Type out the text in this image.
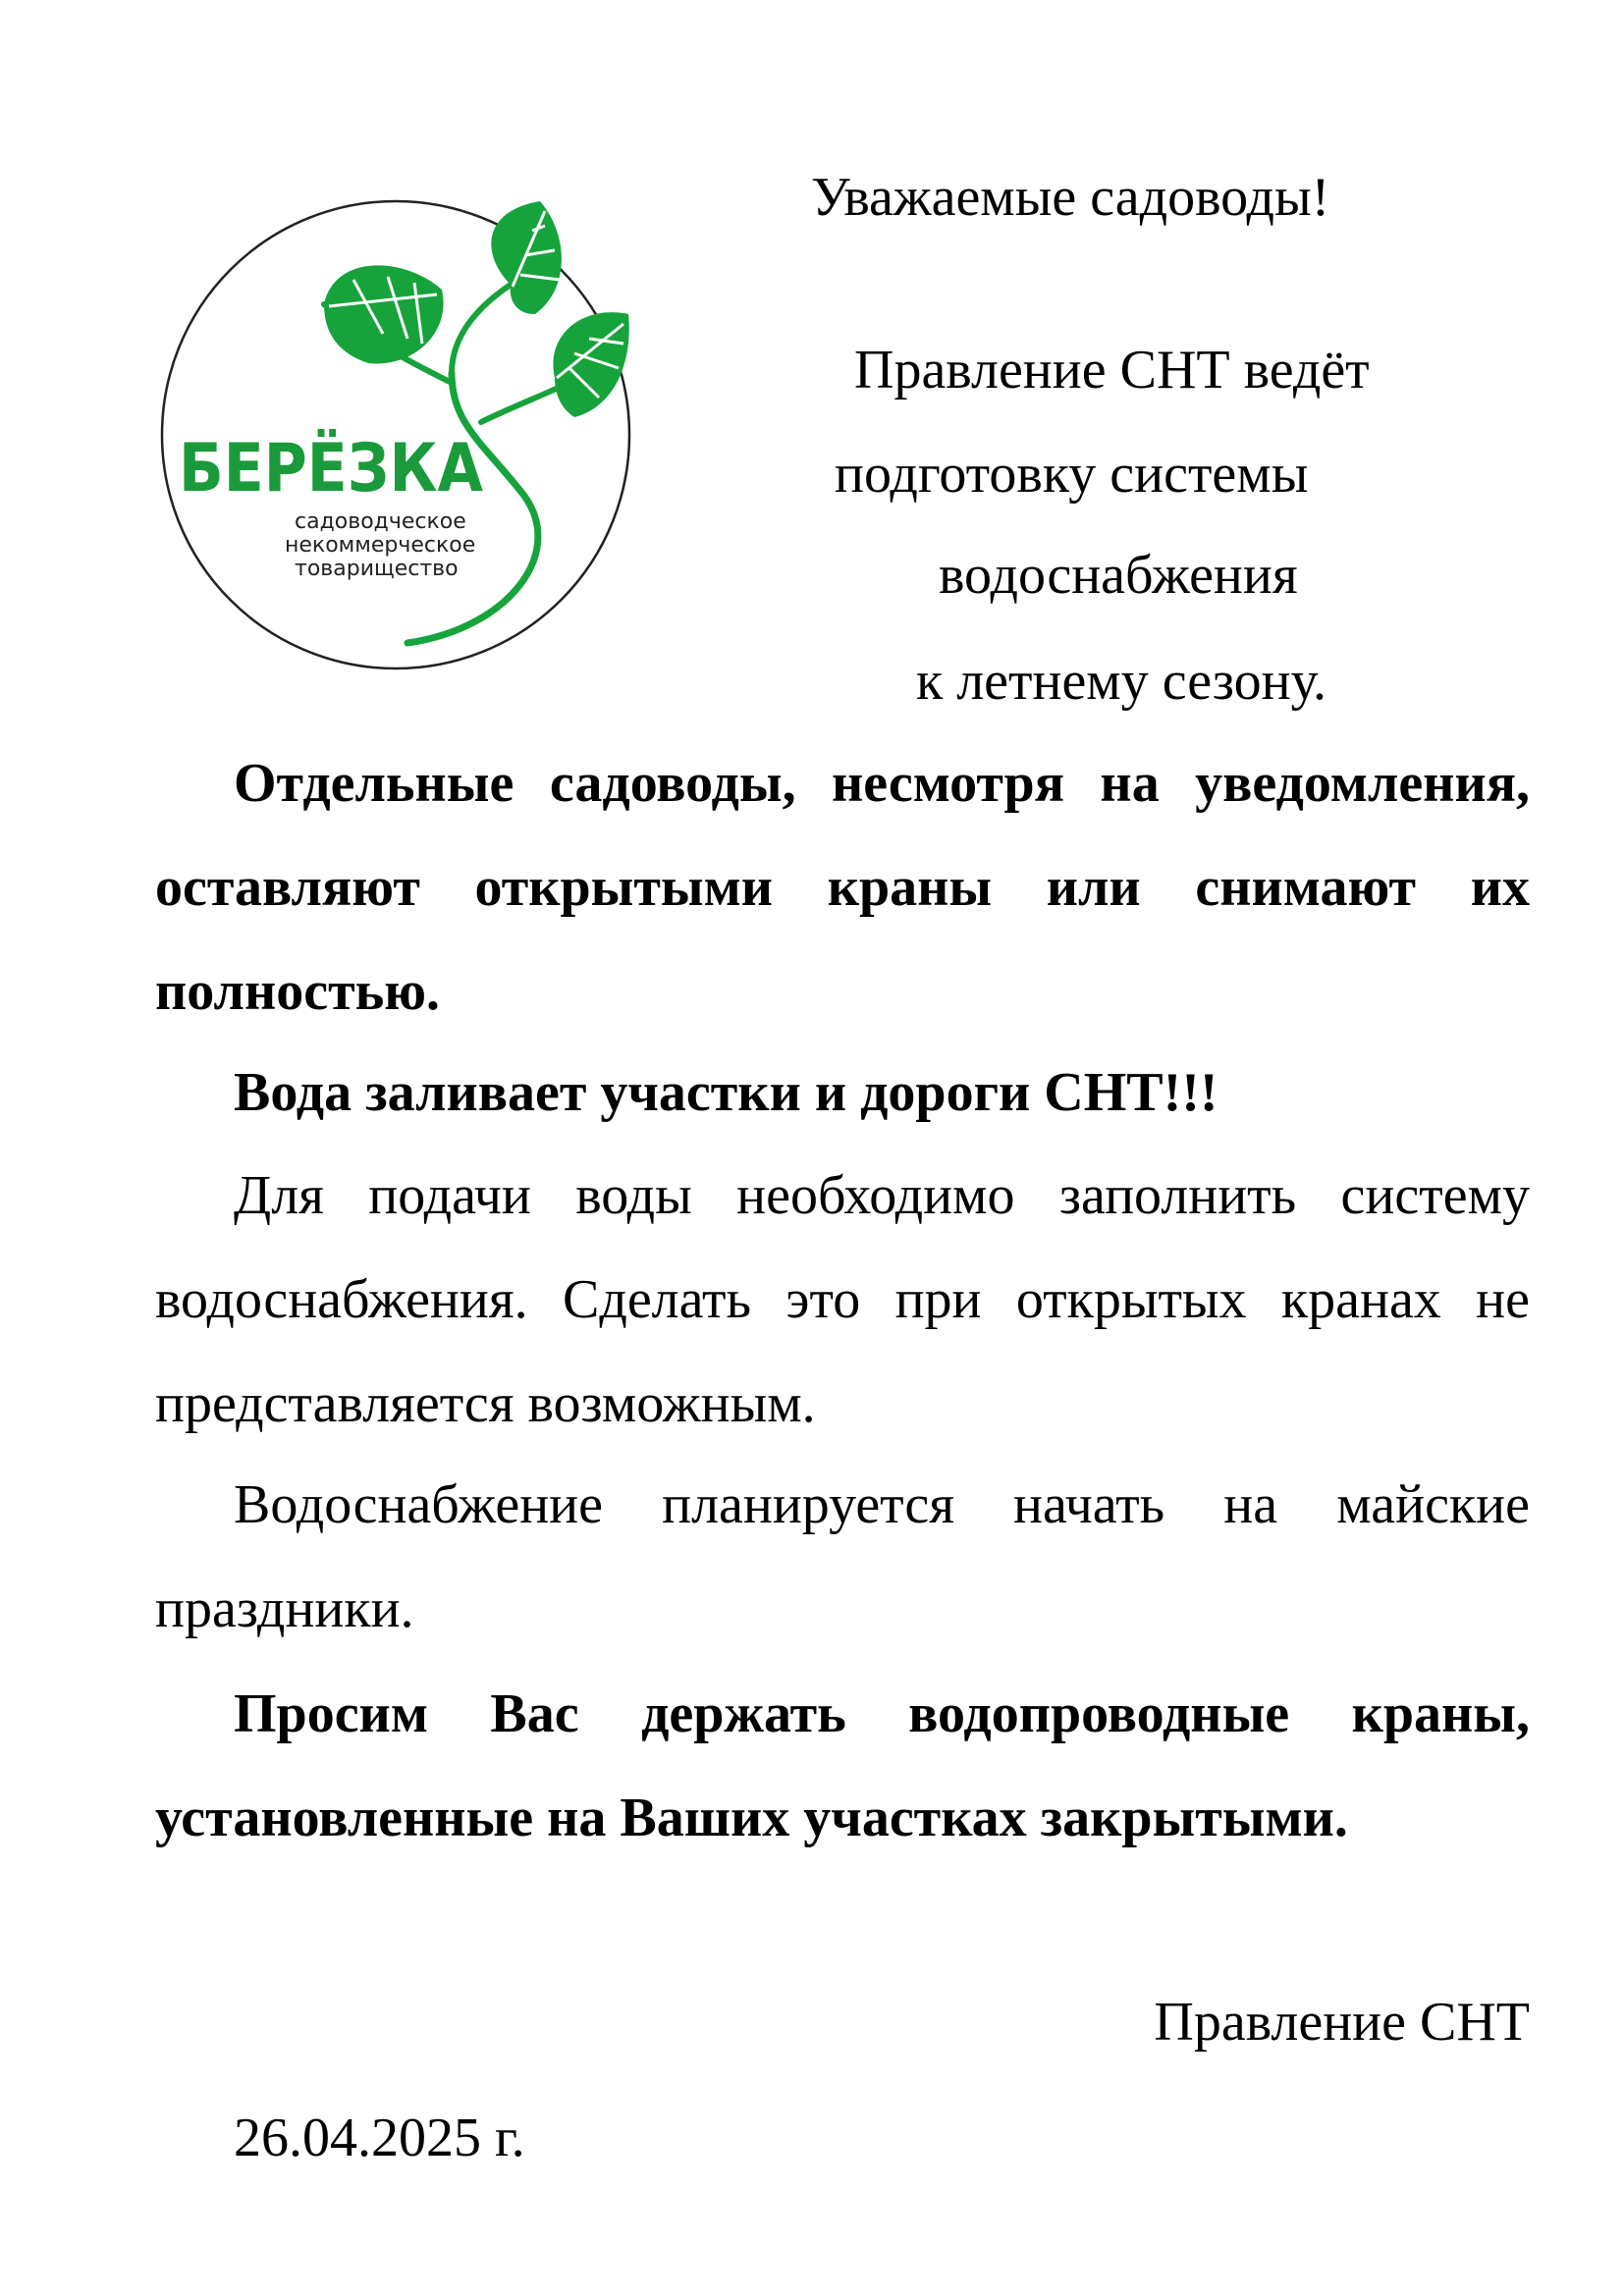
БЕРЁЗКА
садоводческое
некоммерческое
товарищество
Уважаемые садоводы!
Правление СНТ ведёт
подготовку системы
водоснабжения
к летнему сезону.

Отдельные садоводы, несмотря на уведомления, оставляют открытыми краны или снимают их полностью.

Вода заливает участки и дороги СНТ!!!

Для подачи воды необходимо заполнить систему водоснабжения. Сделать это при открытых кранах не представляется возможным.

Водоснабжение планируется начать на майские праздники.

Просим Вас держать водопроводные краны, установленные на Ваших участках закрытыми.

Правление СНТ
26.04.2025 г.
